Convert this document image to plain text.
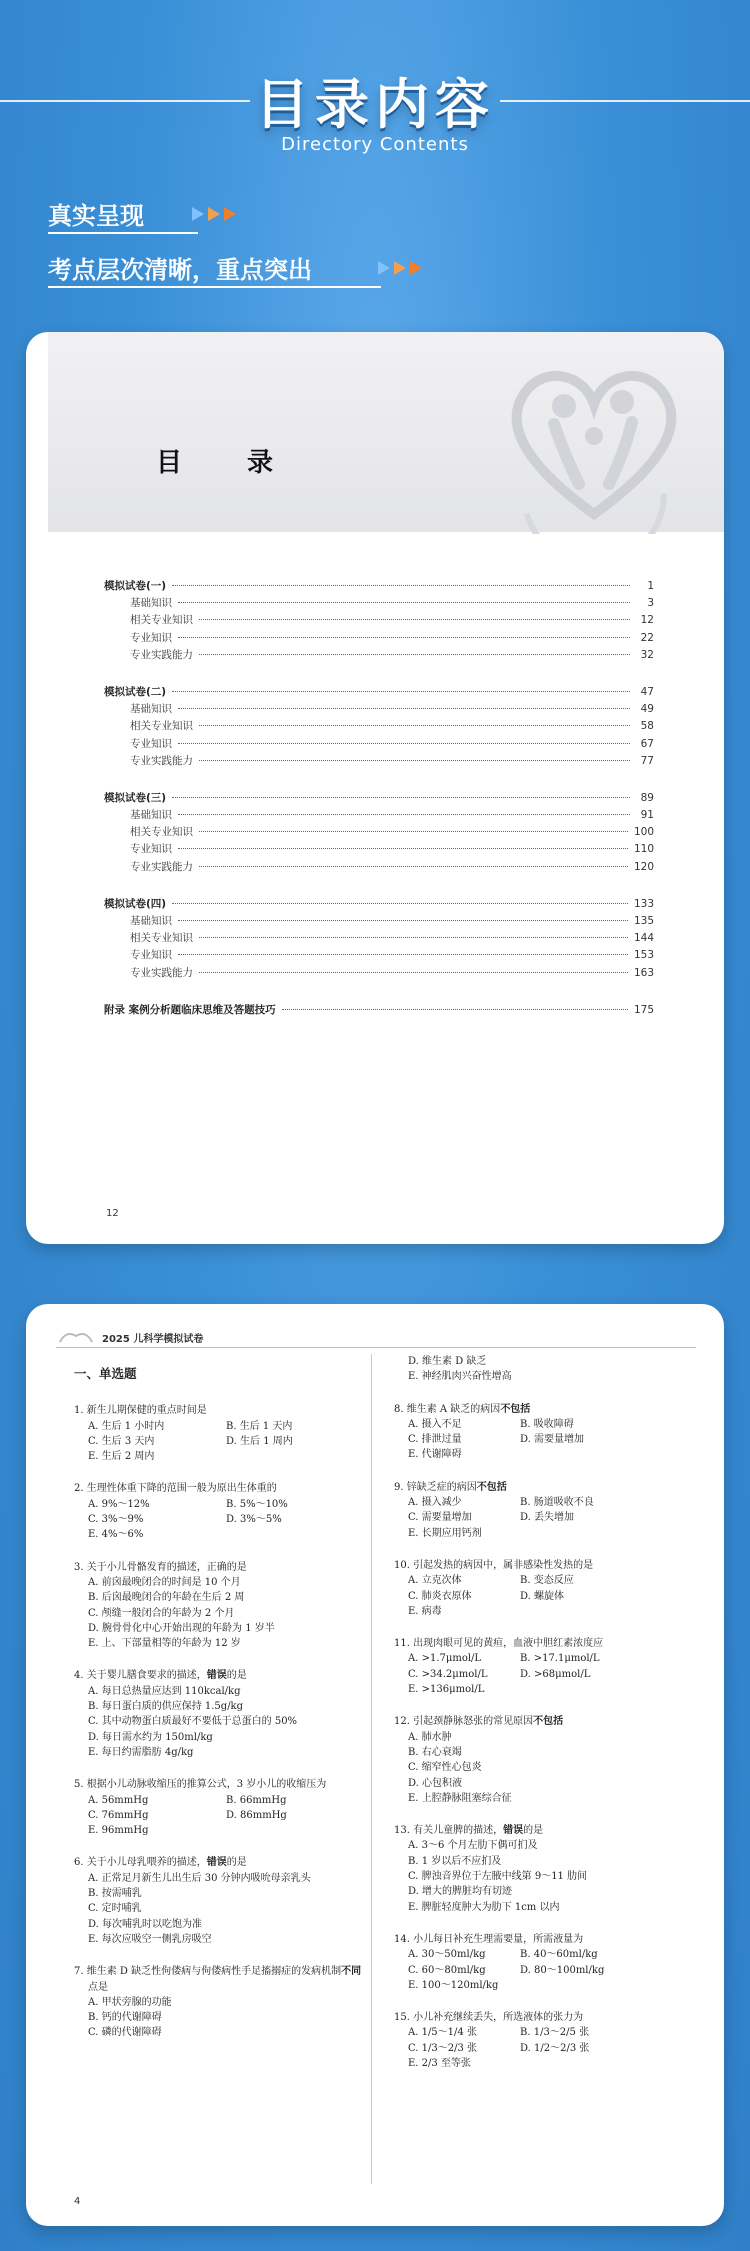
目录内容
Directory Contents
真实呈现
考点层次清晰，重点突出
目 录
模拟试卷(一)	1
基础知识	3
相关专业知识	12
专业知识	22
专业实践能力	32
模拟试卷(二)	47
基础知识	49
相关专业知识	58
专业知识	67
专业实践能力	77
模拟试卷(三)	89
基础知识	91
相关专业知识	100
专业知识	110
专业实践能力	120
模拟试卷(四)	133
基础知识	135
相关专业知识	144
专业知识	153
专业实践能力	163
附录 案例分析题临床思维及答题技巧	175
12
2025 儿科学模拟试卷
一、单选题
1. 新生儿期保健的重点时间是
A. 生后 1 小时内	B. 生后 1 天内
C. 生后 3 天内	D. 生后 1 周内
E. 生后 2 周内
2. 生理性体重下降的范围一般为原出生体重的
A. 9%～12%	B. 5%～10%
C. 3%～9%	D. 3%～5%
E. 4%～6%
3. 关于小儿骨骼发育的描述，正确的是
A. 前囟最晚闭合的时间是 10 个月
B. 后囟最晚闭合的年龄在生后 2 周
C. 颅缝一般闭合的年龄为 2 个月
D. 腕骨骨化中心开始出现的年龄为 1 岁半
E. 上、下部量相等的年龄为 12 岁
4. 关于婴儿膳食要求的描述，错误的是
A. 每日总热量应达到 110kcal/kg
B. 每日蛋白质的供应保持 1.5g/kg
C. 其中动物蛋白质最好不要低于总蛋白的 50%
D. 每日需水约为 150ml/kg
E. 每日约需脂肪 4g/kg
5. 根据小儿动脉收缩压的推算公式，3 岁小儿的收缩压为
A. 56mmHg	B. 66mmHg
C. 76mmHg	D. 86mmHg
E. 96mmHg
6. 关于小儿母乳喂养的描述，错误的是
A. 正常足月新生儿出生后 30 分钟内吸吮母亲乳头
B. 按需哺乳
C. 定时哺乳
D. 每次哺乳时以吃饱为准
E. 每次应吸空一侧乳房吸空
7. 维生素 D 缺乏性佝偻病与佝偻病性手足搐搦症的发病机制不同点是
A. 甲状旁腺的功能
B. 钙的代谢障碍
C. 磷的代谢障碍
D. 维生素 D 缺乏
E. 神经肌肉兴奋性增高
8. 维生素 A 缺乏的病因不包括
A. 摄入不足	B. 吸收障碍
C. 排泄过量	D. 需要量增加
E. 代谢障碍
9. 锌缺乏症的病因不包括
A. 摄入减少	B. 肠道吸收不良
C. 需要量增加	D. 丢失增加
E. 长期应用钙剂
10. 引起发热的病因中，属非感染性发热的是
A. 立克次体	B. 变态反应
C. 肺炎衣原体	D. 螺旋体
E. 病毒
11. 出现肉眼可见的黄疸，血液中胆红素浓度应
A. >1.7μmol/L	B. >17.1μmol/L
C. >34.2μmol/L	D. >68μmol/L
E. >136μmol/L
12. 引起颈静脉怒张的常见原因不包括
A. 肺水肿
B. 右心衰竭
C. 缩窄性心包炎
D. 心包积液
E. 上腔静脉阻塞综合征
13. 有关儿童脾的描述，错误的是
A. 3～6 个月左肋下偶可扪及
B. 1 岁以后不应扪及
C. 脾浊音界位于左腋中线第 9～11 肋间
D. 增大的脾脏均有切迹
E. 脾脏轻度肿大为肋下 1cm 以内
14. 小儿每日补充生理需要量，所需液量为
A. 30～50ml/kg	B. 40～60ml/kg
C. 60～80ml/kg	D. 80～100ml/kg
E. 100～120ml/kg
15. 小儿补充继续丢失，所选液体的张力为
A. 1/5～1/4 张	B. 1/3～2/5 张
C. 1/3～2/3 张	D. 1/2～2/3 张
E. 2/3 至等张
4
